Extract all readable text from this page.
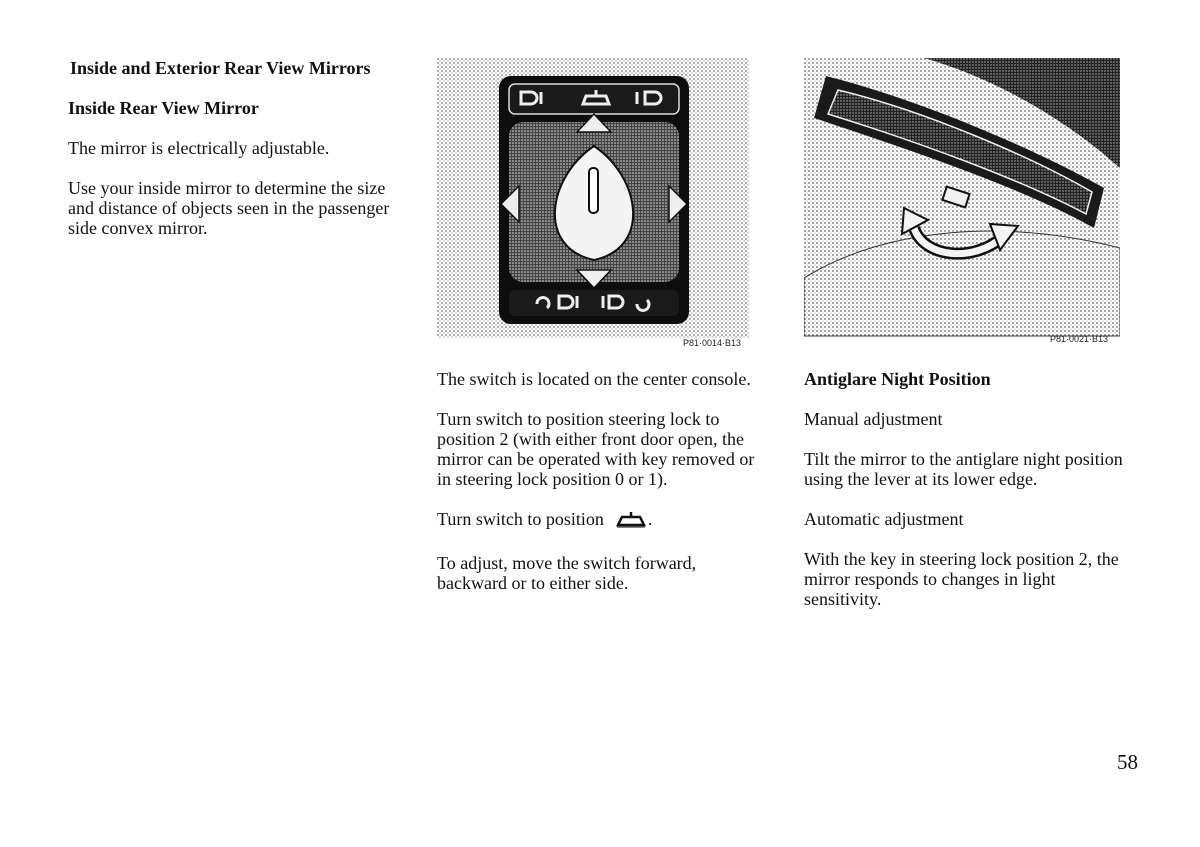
Inside and Exterior Rear View Mirrors
Inside Rear View Mirror

The mirror is electrically adjustable.

Use your inside mirror to determine the size and distance of objects seen in the passenger side convex mirror.

P81·0014·B13	P81·0021·B13

The switch is located on the center console.

Turn switch to position steering lock to position 2 (with either front door open, the mirror can be operated with key removed or in steering lock position 0 or 1).

Turn switch to position .

To adjust, move the switch forward, backward or to either side.

Antiglare Night Position

Manual adjustment

Tilt the mirror to the antiglare night position using the lever at its lower edge.

Automatic adjustment

With the key in steering lock position 2, the mirror responds to changes in light sensitivity.

58
